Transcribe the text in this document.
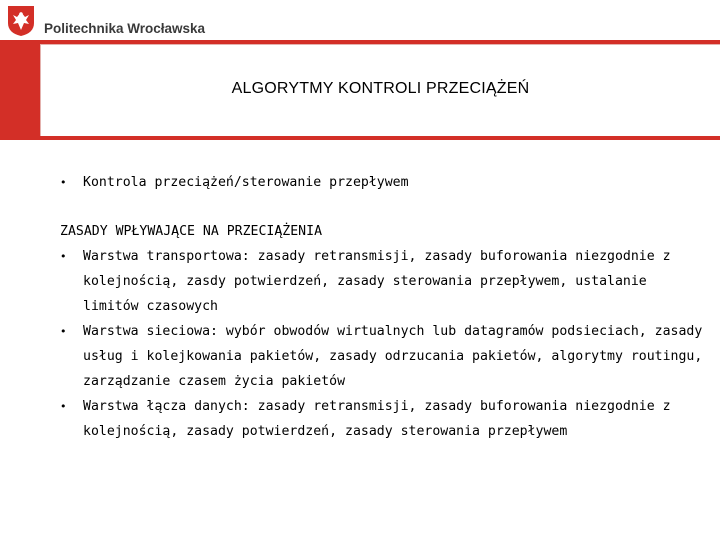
Politechnika Wrocławska
ALGORYTMY KONTROLI PRZECIĄŻEŃ
• Kontrola przeciążeń/sterowanie przepływem
ZASADY WPŁYWAJĄCE NA PRZECIĄŻENIA
• Warstwa transportowa: zasady retransmisji, zasady buforowania niezgodnie z kolejnością, zasdy potwierdzeń, zasady sterowania przepływem, ustalanie limitów czasowych
• Warstwa sieciowa: wybór obwodów wirtualnych lub datagramów podsieciach, zasady usług i kolejkowania pakietów, zasady odrzucania pakietów, algorytmy routingu, zarządzanie czasem życia pakietów
• Warstwa łącza danych: zasady retransmisji, zasady buforowania niezgodnie z kolejnością, zasady potwierdzeń, zasady sterowania przepływem
